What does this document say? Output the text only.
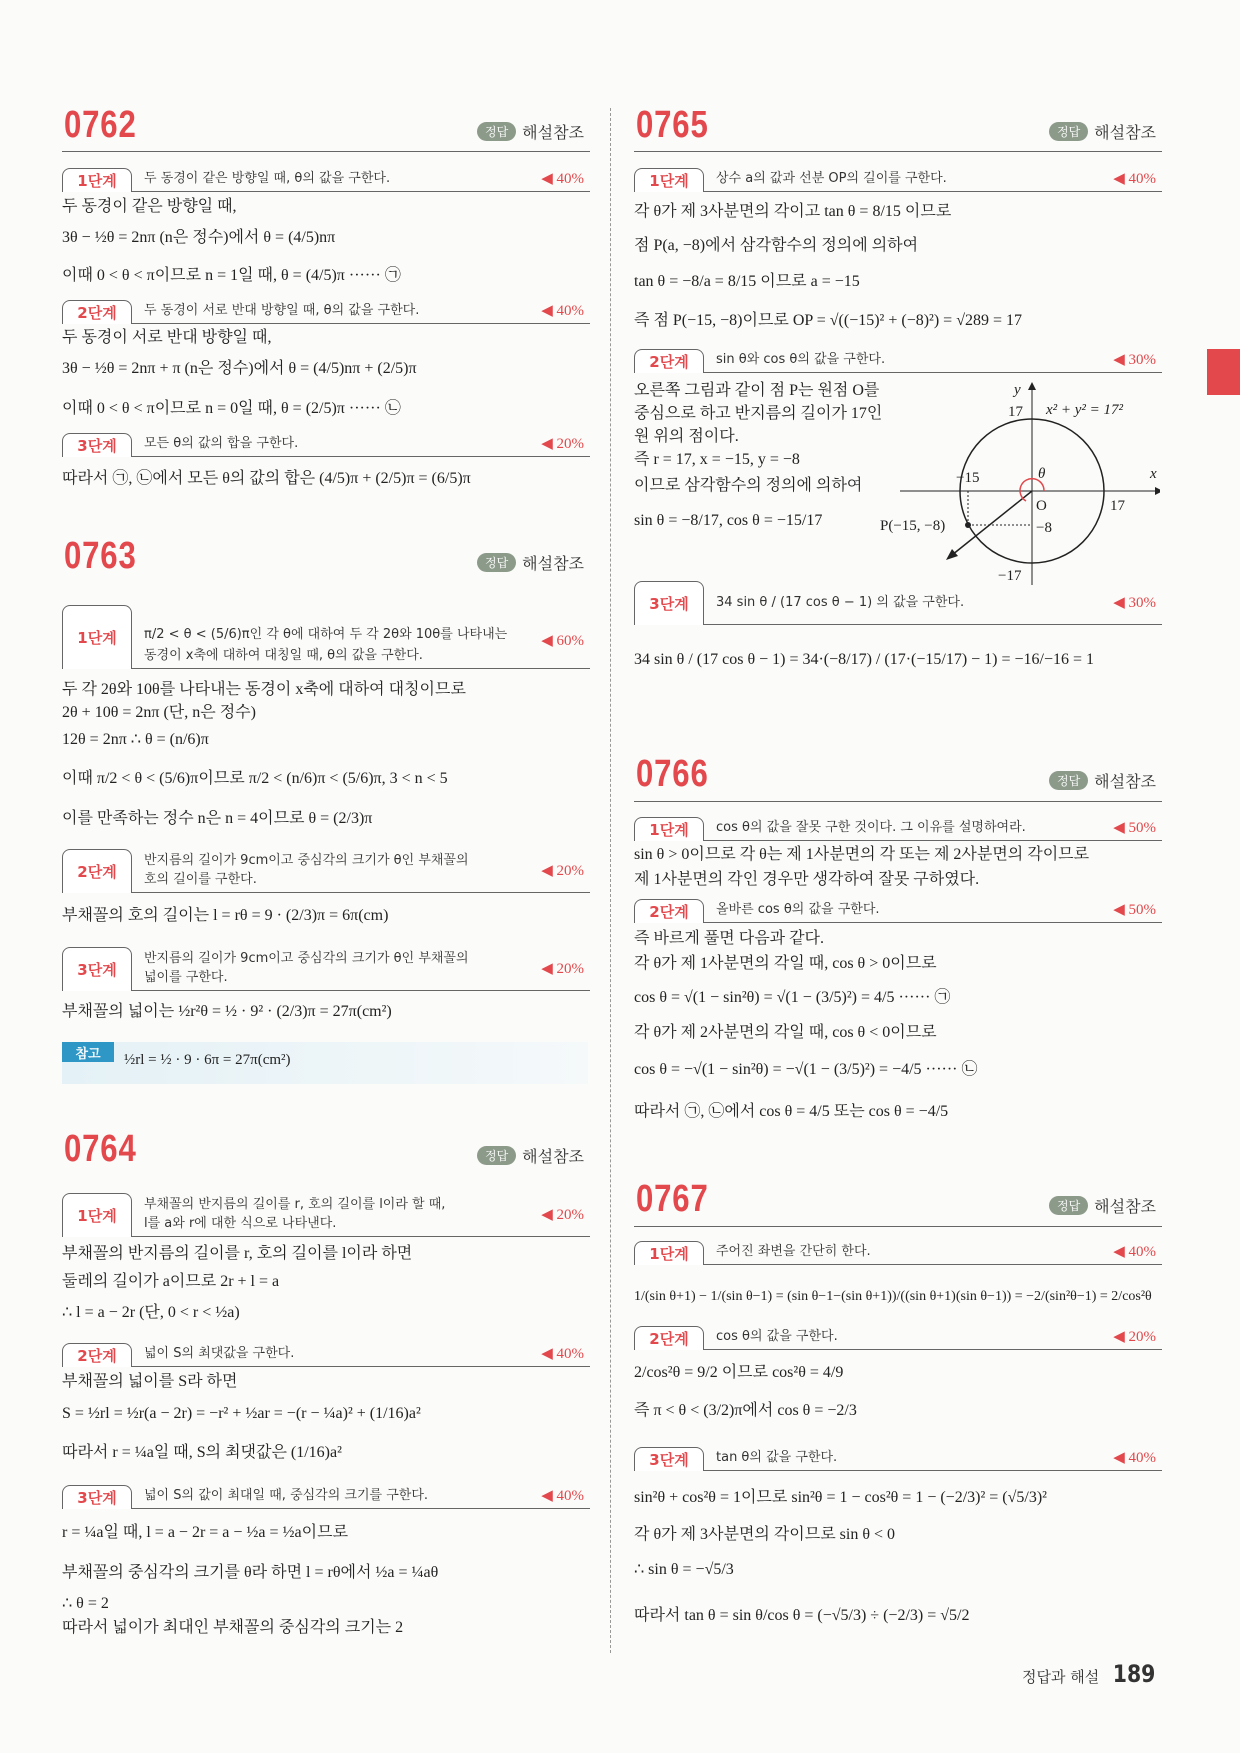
0762	정답 해설참조
1단계	두 동경이 같은 방향일 때, θ의 값을 구한다.	◀ 40%
두 동경이 같은 방향일 때,
3θ − ½θ = 2nπ (n은 정수)에서 θ = (4/5)nπ
이때 0 < θ < π이므로 n = 1일 때, θ = (4/5)π ······ ㉠
2단계	두 동경이 서로 반대 방향일 때, θ의 값을 구한다.	◀ 40%
두 동경이 서로 반대 방향일 때,
3θ − ½θ = 2nπ + π (n은 정수)에서 θ = (4/5)nπ + (2/5)π
이때 0 < θ < π이므로 n = 0일 때, θ = (2/5)π ······ ㉡
3단계	모든 θ의 값의 합을 구한다.	◀ 20%
따라서 ㉠, ㉡에서 모든 θ의 값의 합은 (4/5)π + (2/5)π = (6/5)π
0763	정답 해설참조
1단계	π/2 < θ < (5/6)π인 각 θ에 대하여 두 각 2θ와 10θ를 나타내는
동경이 x축에 대하여 대칭일 때, θ의 값을 구한다.
◀ 60%
두 각 2θ와 10θ를 나타내는 동경이 x축에 대하여 대칭이므로
2θ + 10θ = 2nπ (단, n은 정수)
12θ = 2nπ ∴ θ = (n/6)π
이때 π/2 < θ < (5/6)π이므로 π/2 < (n/6)π < (5/6)π, 3 < n < 5
이를 만족하는 정수 n은 n = 4이므로 θ = (2/3)π
2단계
반지름의 길이가 9cm이고 중심각의 크기가 θ인 부채꼴의
호의 길이를 구한다.
◀ 20%
부채꼴의 호의 길이는 l = rθ = 9 · (2/3)π = 6π(cm)
3단계
반지름의 길이가 9cm이고 중심각의 크기가 θ인 부채꼴의
넓이를 구한다.
◀ 20%
부채꼴의 넓이는 ½r²θ = ½ · 9² · (2/3)π = 27π(cm²)
참고	½rl = ½ · 9 · 6π = 27π(cm²)
0764	정답 해설참조
1단계
부채꼴의 반지름의 길이를 r, 호의 길이를 l이라 할 때,
l를 a와 r에 대한 식으로 나타낸다.
◀ 20%
부채꼴의 반지름의 길이를 r, 호의 길이를 l이라 하면
둘레의 길이가 a이므로 2r + l = a
∴ l = a − 2r (단, 0 < r < ½a)
2단계	넓이 S의 최댓값을 구한다.	◀ 40%
부채꼴의 넓이를 S라 하면
S = ½rl = ½r(a − 2r) = −r² + ½ar = −(r − ¼a)² + (1/16)a²
따라서 r = ¼a일 때, S의 최댓값은 (1/16)a²
3단계	넓이 S의 값이 최대일 때, 중심각의 크기를 구한다.	◀ 40%
r = ¼a일 때, l = a − 2r = a − ½a = ½a이므로
부채꼴의 중심각의 크기를 θ라 하면 l = rθ에서 ½a = ¼aθ
∴ θ = 2
따라서 넓이가 최대인 부채꼴의 중심각의 크기는 2
0765	정답 해설참조
1단계	상수 a의 값과 선분 OP의 길이를 구한다.	◀ 40%
각 θ가 제 3사분면의 각이고 tan θ = 8/15 이므로
점 P(a, −8)에서 삼각함수의 정의에 의하여
tan θ = −8/a = 8/15 이므로 a = −15
즉 점 P(−15, −8)이므로 OP = √((−15)² + (−8)²) = √289 = 17
2단계	sin θ와 cos θ의 값을 구한다.	◀ 30%
오른쪽 그림과 같이 점 P는 원점 O를
중심으로 하고 반지름의 길이가 17인
원 위의 점이다.
즉 r = 17, x = −15, y = −8
이므로 삼각함수의 정의에 의하여
sin θ = −8/17, cos θ = −15/17
y
x
17 x² + y² = 17²
−15
17
O
θ
−8
P(−15, −8)
−17
3단계	34 sin θ / (17 cos θ − 1) 의 값을 구한다.	◀ 30%
34 sin θ / (17 cos θ − 1) = 34·(−8/17) / (17·(−15/17) − 1) = −16/−16 = 1
0766	정답 해설참조
1단계	cos θ의 값을 잘못 구한 것이다. 그 이유를 설명하여라.	◀ 50%
sin θ > 0이므로 각 θ는 제 1사분면의 각 또는 제 2사분면의 각이므로
제 1사분면의 각인 경우만 생각하여 잘못 구하였다.
2단계	올바른 cos θ의 값을 구한다.	◀ 50%
즉 바르게 풀면 다음과 같다.
각 θ가 제 1사분면의 각일 때, cos θ > 0이므로
cos θ = √(1 − sin²θ) = √(1 − (3/5)²) = 4/5 ······ ㉠
각 θ가 제 2사분면의 각일 때, cos θ < 0이므로
cos θ = −√(1 − sin²θ) = −√(1 − (3/5)²) = −4/5 ······ ㉡
따라서 ㉠, ㉡에서 cos θ = 4/5 또는 cos θ = −4/5
0767	정답 해설참조
1단계	주어진 좌변을 간단히 한다.	◀ 40%
1/(sin θ+1) − 1/(sin θ−1) = (sin θ−1−(sin θ+1))/((sin θ+1)(sin θ−1)) = −2/(sin²θ−1) = 2/cos²θ
2단계	cos θ의 값을 구한다.	◀ 20%
2/cos²θ = 9/2 이므로 cos²θ = 4/9
즉 π < θ < (3/2)π에서 cos θ = −2/3
3단계	tan θ의 값을 구한다.	◀ 40%
sin²θ + cos²θ = 1이므로 sin²θ = 1 − cos²θ = 1 − (−2/3)² = (√5/3)²
각 θ가 제 3사분면의 각이므로 sin θ < 0
∴ sin θ = −√5/3
따라서 tan θ = sin θ/cos θ = (−√5/3) ÷ (−2/3) = √5/2
정답과 해설 189
